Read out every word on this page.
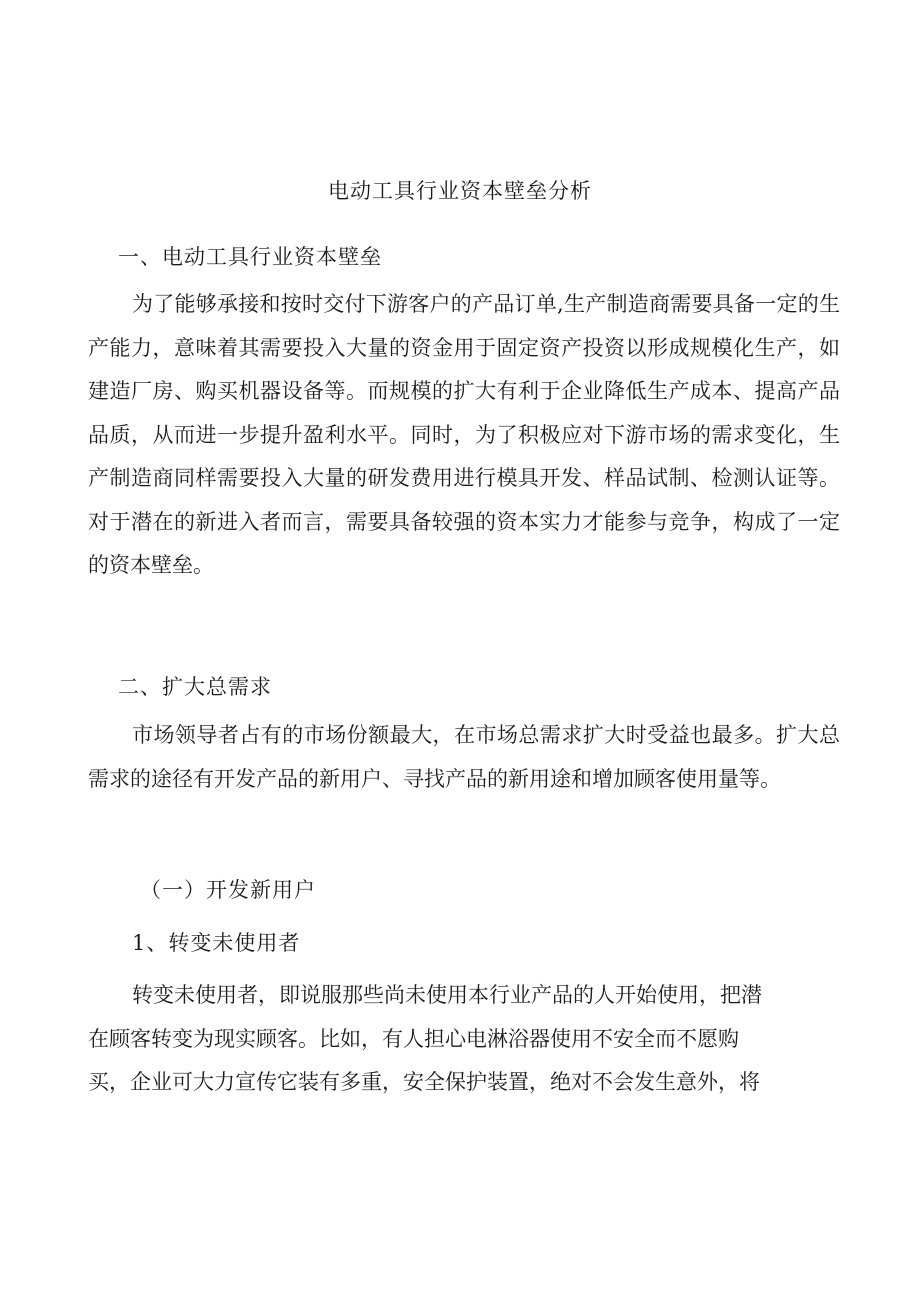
电动工具行业资本壁垒分析
一、电动工具行业资本壁垒
为了能够承接和按时交付下游客户的产品订单,生产制造商需要具备一定的生产能力，意味着其需要投入大量的资金用于固定资产投资以形成规模化生产，如建造厂房、购买机器设备等。而规模的扩大有利于企业降低生产成本、提高产品品质，从而进一步提升盈利水平。同时，为了积极应对下游市场的需求变化，生产制造商同样需要投入大量的研发费用进行模具开发、样品试制、检测认证等。对于潜在的新进入者而言，需要具备较强的资本实力才能参与竞争，构成了一定的资本壁垒。
二、扩大总需求
市场领导者占有的市场份额最大，在市场总需求扩大时受益也最多。扩大总需求的途径有开发产品的新用户、寻找产品的新用途和增加顾客使用量等。
（一）开发新用户
1、转变未使用者
转变未使用者，即说服那些尚未使用本行业产品的人开始使用，把潜
在顾客转变为现实顾客。比如，有人担心电淋浴器使用不安全而不愿购
买，企业可大力宣传它装有多重，安全保护装置，绝对不会发生意外，将
